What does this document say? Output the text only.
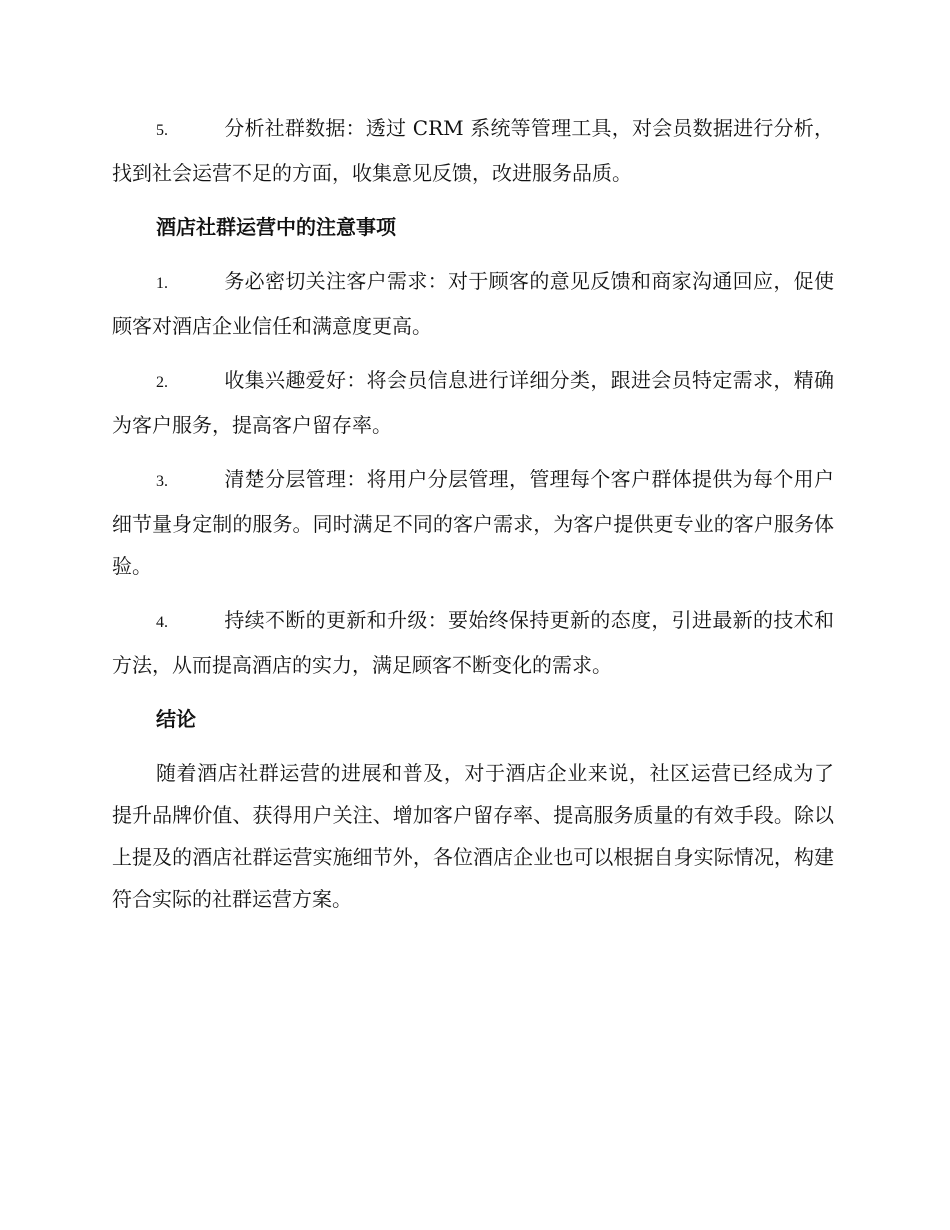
5.	分析社群数据：透过 CRM 系统等管理工具，对会员数据进行分析，找到社会运营不足的方面，收集意见反馈，改进服务品质。

酒店社群运营中的注意事项

1.	务必密切关注客户需求：对于顾客的意见反馈和商家沟通回应，促使顾客对酒店企业信任和满意度更高。

2.	收集兴趣爱好：将会员信息进行详细分类，跟进会员特定需求，精确为客户服务，提高客户留存率。

3.	清楚分层管理：将用户分层管理，管理每个客户群体提供为每个用户细节量身定制的服务。同时满足不同的客户需求，为客户提供更专业的客户服务体验。

4.	持续不断的更新和升级：要始终保持更新的态度，引进最新的技术和方法，从而提高酒店的实力，满足顾客不断变化的需求。

结论

随着酒店社群运营的进展和普及，对于酒店企业来说，社区运营已经成为了提升品牌价值、获得用户关注、增加客户留存率、提高服务质量的有效手段。除以上提及的酒店社群运营实施细节外，各位酒店企业也可以根据自身实际情况，构建符合实际的社群运营方案。
